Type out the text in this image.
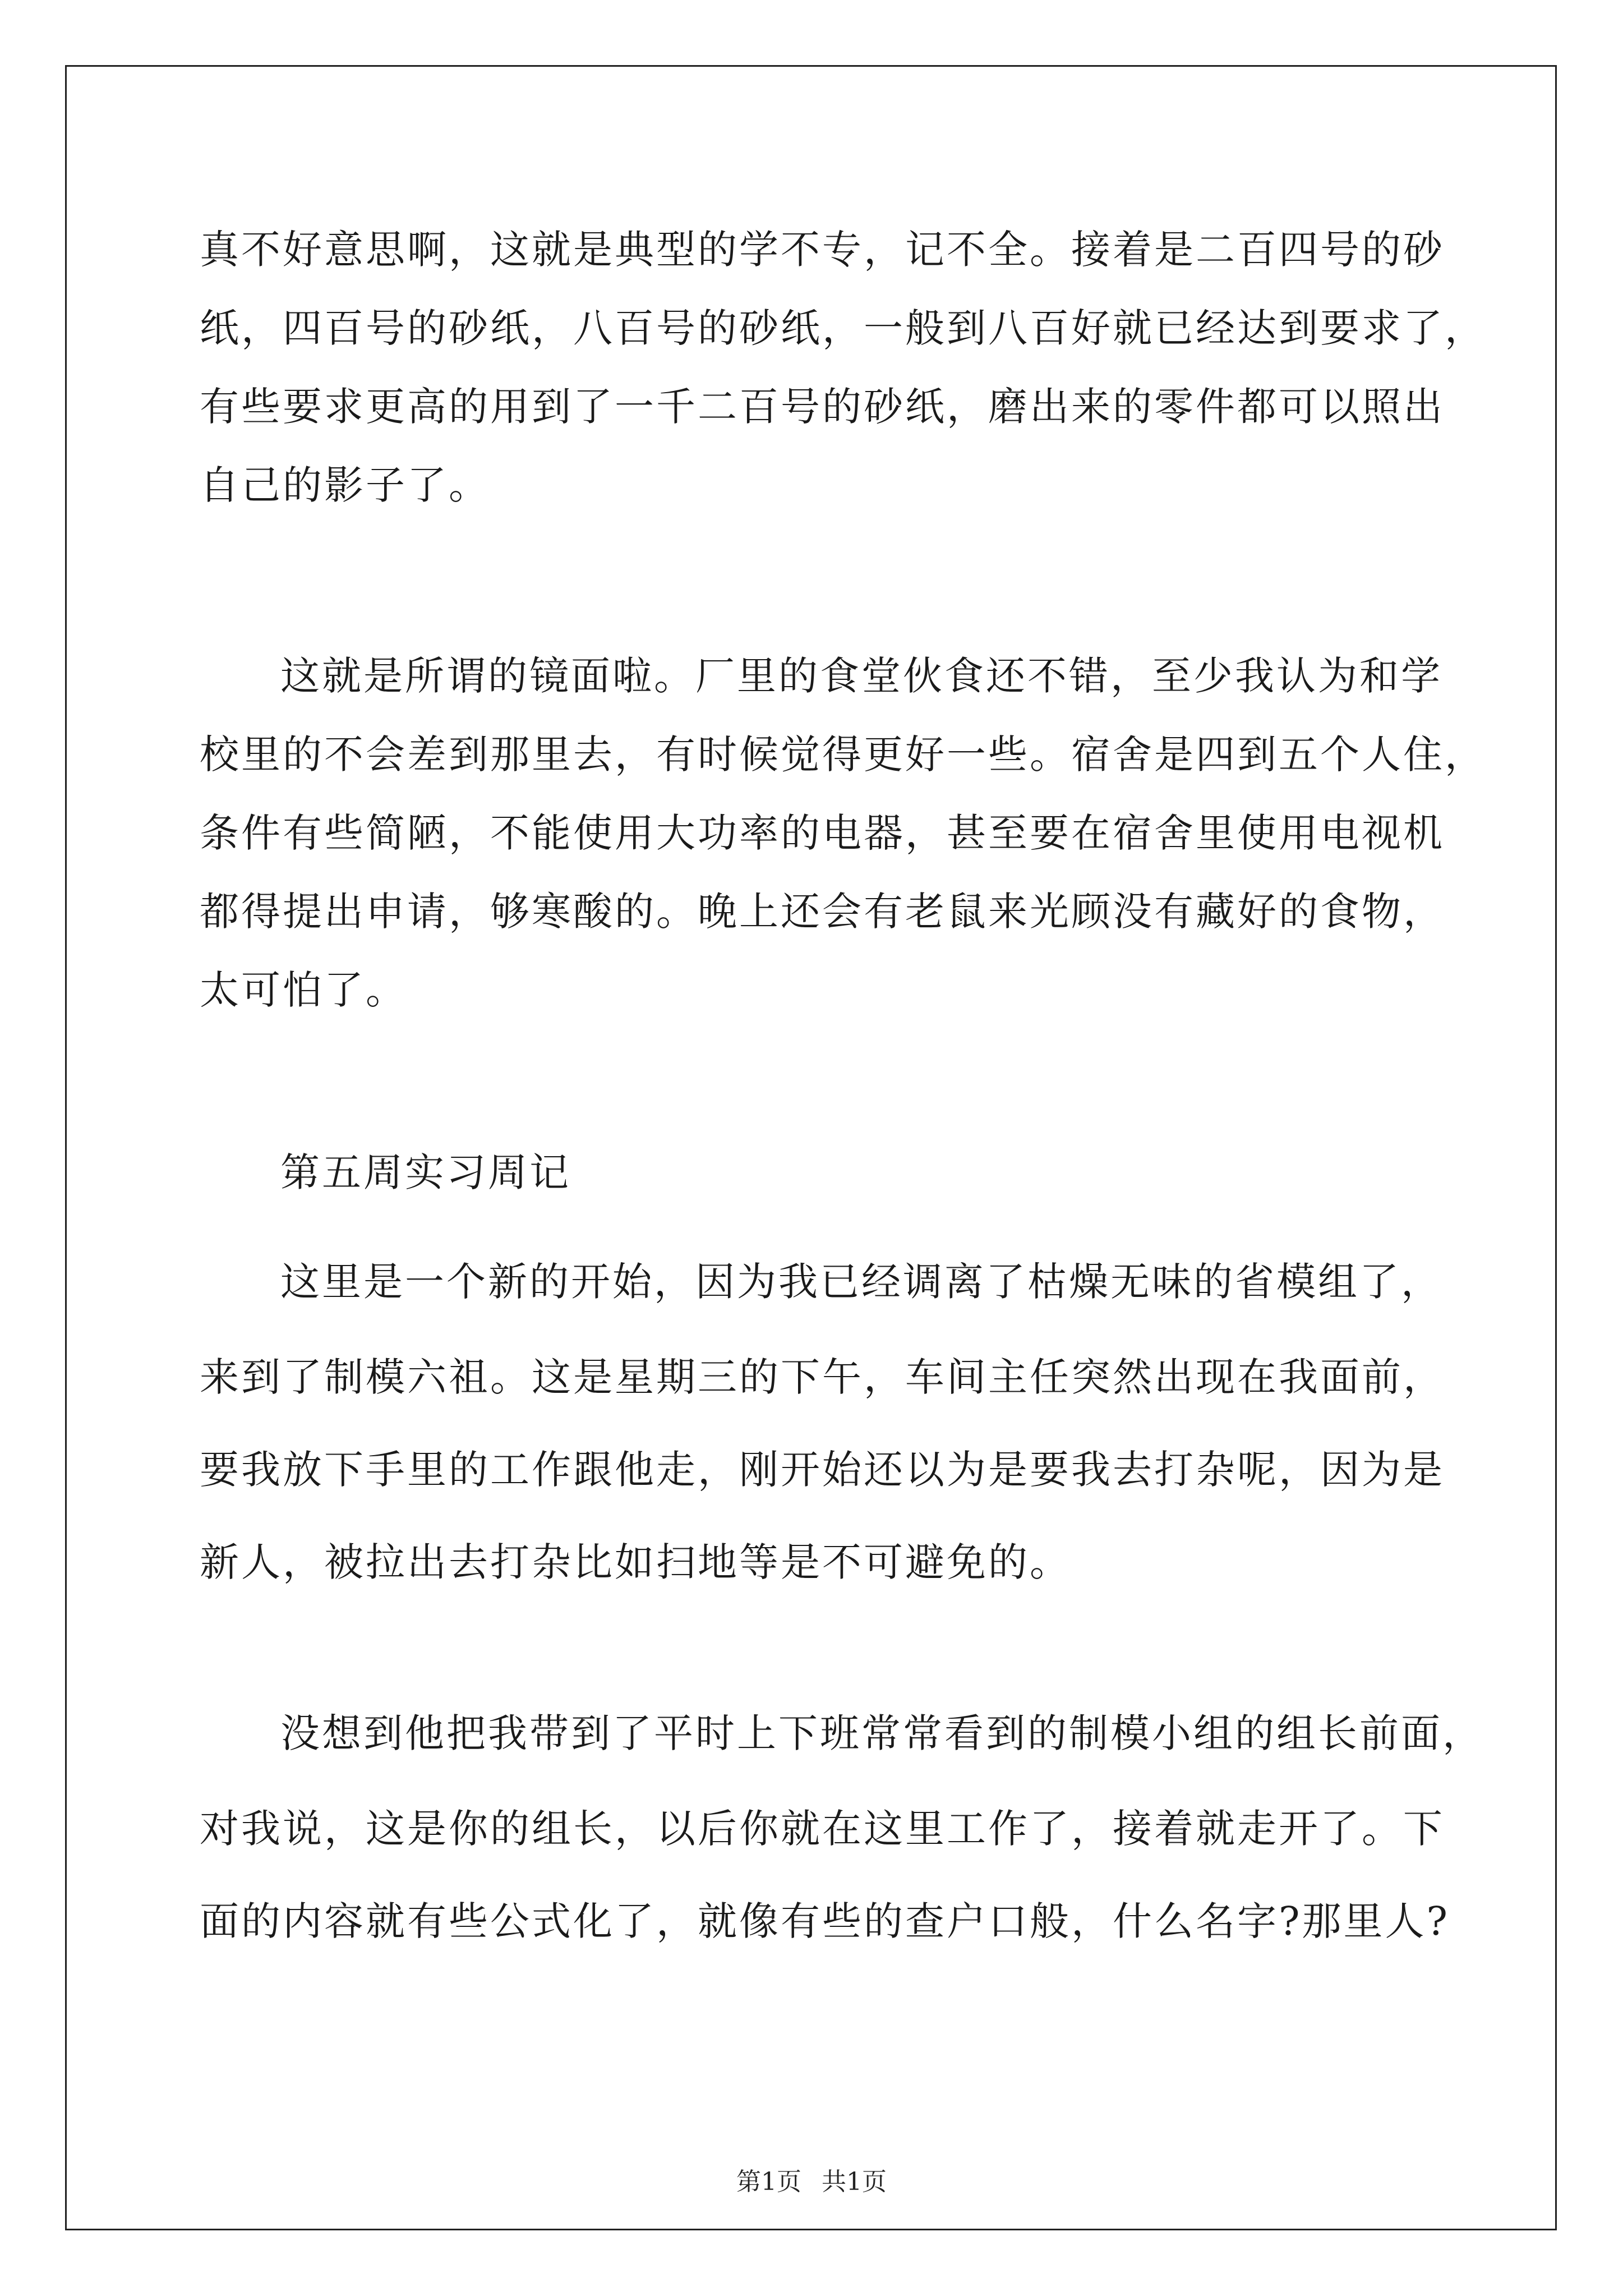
真不好意思啊，这就是典型的学不专，记不全。接着是二百四号的砂
纸，四百号的砂纸，八百号的砂纸，一般到八百好就已经达到要求了，
有些要求更高的用到了一千二百号的砂纸，磨出来的零件都可以照出
自己的影子了。
这就是所谓的镜面啦。厂里的食堂伙食还不错，至少我认为和学
校里的不会差到那里去，有时候觉得更好一些。宿舍是四到五个人住，
条件有些简陋，不能使用大功率的电器，甚至要在宿舍里使用电视机
都得提出申请，够寒酸的。晚上还会有老鼠来光顾没有藏好的食物，
太可怕了。
第五周实习周记
这里是一个新的开始，因为我已经调离了枯燥无味的省模组了，
来到了制模六祖。这是星期三的下午，车间主任突然出现在我面前，
要我放下手里的工作跟他走，刚开始还以为是要我去打杂呢，因为是
新人，被拉出去打杂比如扫地等是不可避免的。
没想到他把我带到了平时上下班常常看到的制模小组的组长前面，
对我说，这是你的组长，以后你就在这里工作了，接着就走开了。下
面的内容就有些公式化了，就像有些的查户口般，什么名字?那里人?
第1页 共1页
